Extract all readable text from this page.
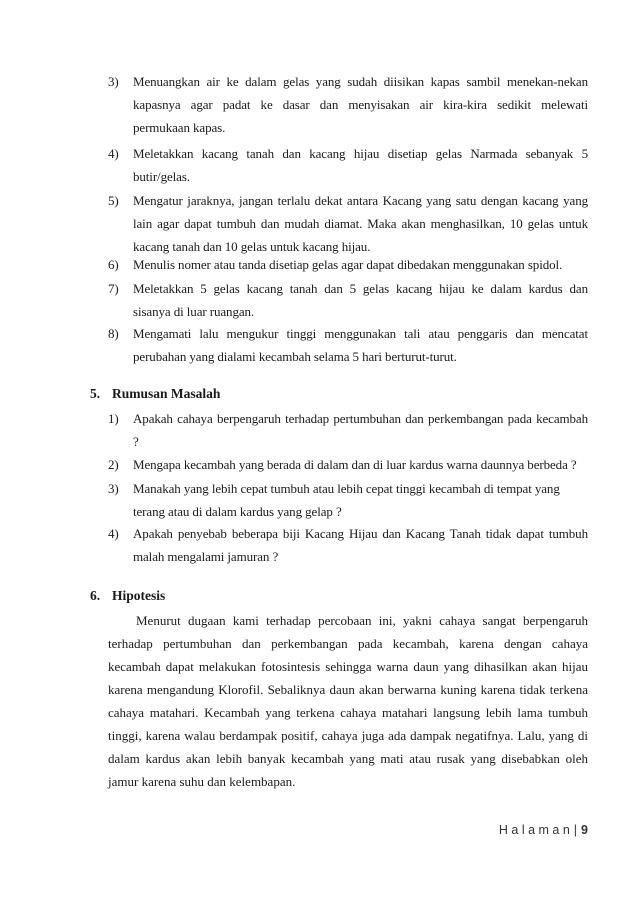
3) Menuangkan air ke dalam gelas yang sudah diisikan kapas sambil menekan-nekan
kapasnya agar padat ke dasar dan menyisakan air kira-kira sedikit melewati
permukaan kapas.
4) Meletakkan kacang tanah dan kacang hijau disetiap gelas Narmada sebanyak 5
butir/gelas.
5) Mengatur jaraknya, jangan terlalu dekat antara Kacang yang satu dengan kacang yang
lain agar dapat tumbuh dan mudah diamat. Maka akan menghasilkan, 10 gelas untuk
kacang tanah dan 10 gelas untuk kacang hijau.
6) Menulis nomer atau tanda disetiap gelas agar dapat dibedakan menggunakan spidol.
7) Meletakkan 5 gelas kacang tanah dan 5 gelas kacang hijau ke dalam kardus dan
sisanya di luar ruangan.
8) Mengamati lalu mengukur tinggi menggunakan tali atau penggaris dan mencatat
perubahan yang dialami kecambah selama 5 hari berturut-turut.
5. Rumusan Masalah
1) Apakah cahaya berpengaruh terhadap pertumbuhan dan perkembangan pada kecambah
?
2) Mengapa kecambah yang berada di dalam dan di luar kardus warna daunnya berbeda ?
3) Manakah yang lebih cepat tumbuh atau lebih cepat tinggi kecambah di tempat yang
terang atau di dalam kardus yang gelap ?
4) Apakah penyebab beberapa biji Kacang Hijau dan Kacang Tanah tidak dapat tumbuh
malah mengalami jamuran ?
6. Hipotesis
Menurut dugaan kami terhadap percobaan ini, yakni cahaya sangat berpengaruh
terhadap pertumbuhan dan perkembangan pada kecambah, karena dengan cahaya
kecambah dapat melakukan fotosintesis sehingga warna daun yang dihasilkan akan hijau
karena mengandung Klorofil. Sebaliknya daun akan berwarna kuning karena tidak terkena
cahaya matahari. Kecambah yang terkena cahaya matahari langsung lebih lama tumbuh
tinggi, karena walau berdampak positif, cahaya juga ada dampak negatifnya. Lalu, yang di
dalam kardus akan lebih banyak kecambah yang mati atau rusak yang disebabkan oleh
jamur karena suhu dan kelembapan.
H a l a m a n | 9
